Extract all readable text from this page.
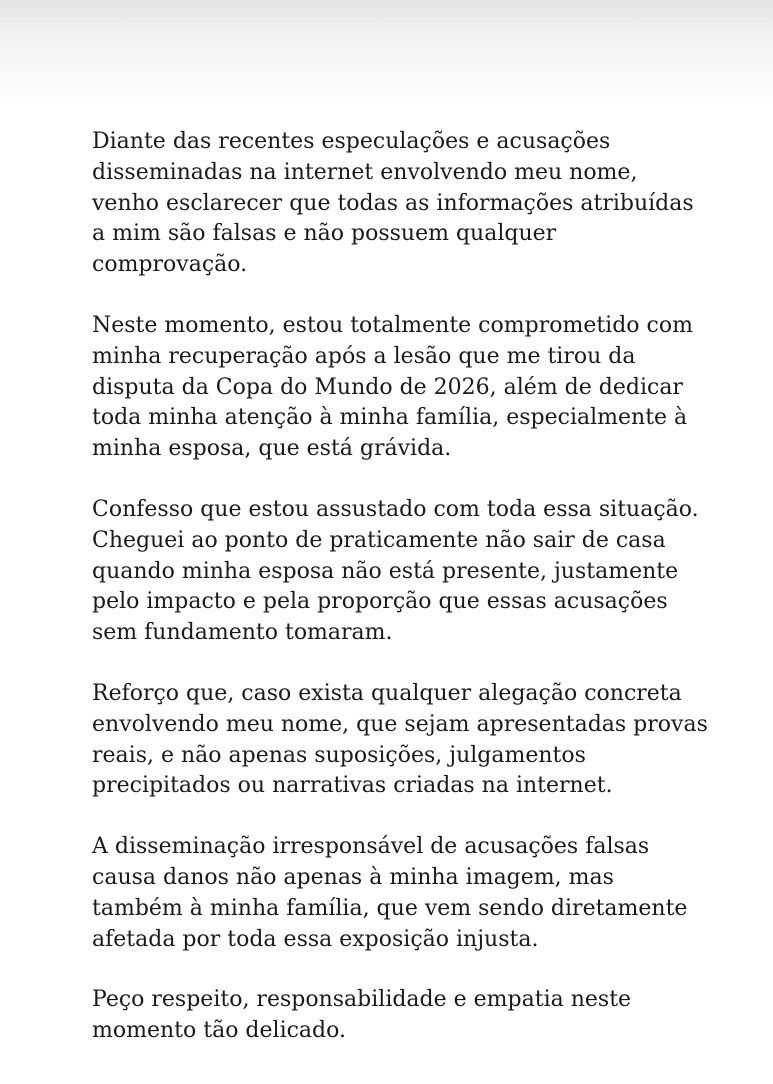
Diante das recentes especulações e acusações
disseminadas na internet envolvendo meu nome,
venho esclarecer que todas as informações atribuídas
a mim são falsas e não possuem qualquer
comprovação.

Neste momento, estou totalmente comprometido com
minha recuperação após a lesão que me tirou da
disputa da Copa do Mundo de 2026, além de dedicar
toda minha atenção à minha família, especialmente à
minha esposa, que está grávida.

Confesso que estou assustado com toda essa situação.
Cheguei ao ponto de praticamente não sair de casa
quando minha esposa não está presente, justamente
pelo impacto e pela proporção que essas acusações
sem fundamento tomaram.

Reforço que, caso exista qualquer alegação concreta
envolvendo meu nome, que sejam apresentadas provas
reais, e não apenas suposições, julgamentos
precipitados ou narrativas criadas na internet.

A disseminação irresponsável de acusações falsas
causa danos não apenas à minha imagem, mas
também à minha família, que vem sendo diretamente
afetada por toda essa exposição injusta.

Peço respeito, responsabilidade e empatia neste
momento tão delicado.
